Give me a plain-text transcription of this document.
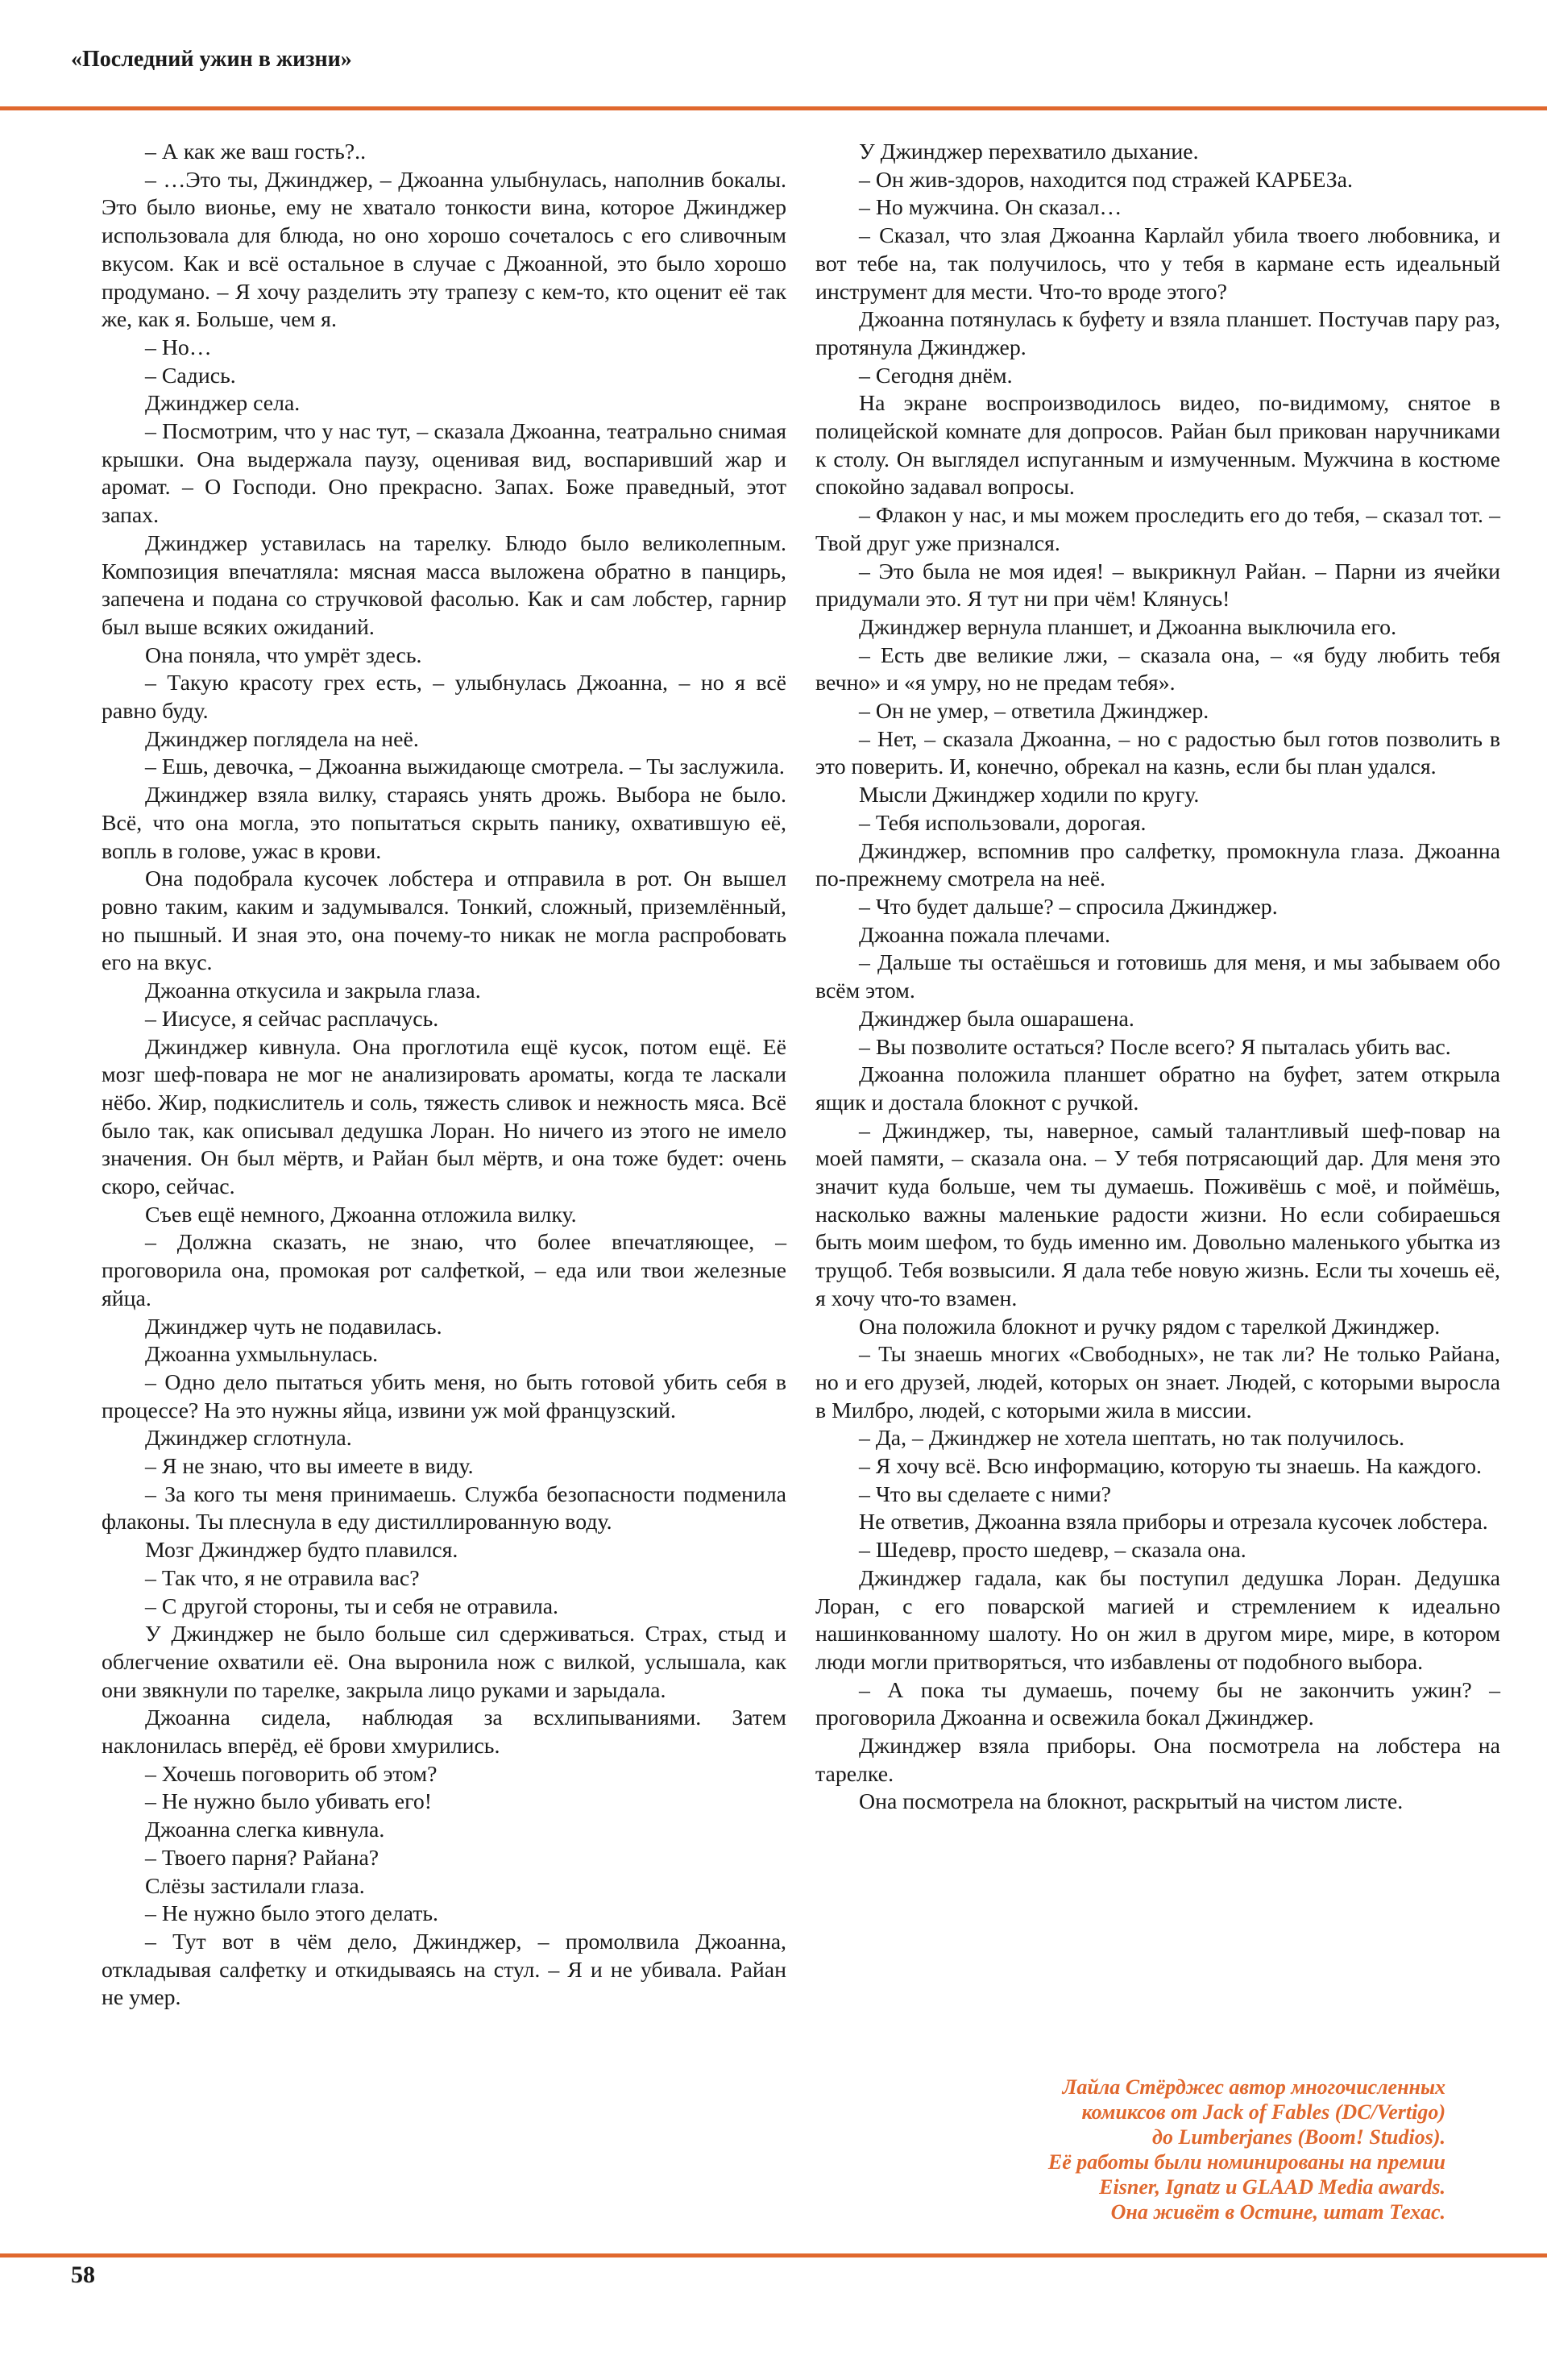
«Последний ужин в жизни»

– А как же ваш гость?..

– …Это ты, Джинджер, – Джоанна улыбнулась, наполнив бокалы. Это было вионье, ему не хватало тонкости вина, которое Джинджер использовала для блюда, но оно хорошо сочеталось с его сливочным вкусом. Как и всё остальное в случае с Джоанной, это было хорошо продумано. – Я хочу разделить эту трапезу с кем-то, кто оценит её так же, как я. Больше, чем я.

– Но…

– Садись.

Джинджер села.

– Посмотрим, что у нас тут, – сказала Джоанна, театрально снимая крышки. Она выдержала паузу, оценивая вид, воспаривший жар и аромат. – О Господи. Оно прекрасно. Запах. Боже праведный, этот запах.

Джинджер уставилась на тарелку. Блюдо было великолепным. Композиция впечатляла: мясная масса выложена обратно в панцирь, запечена и подана со стручковой фасолью. Как и сам лобстер, гарнир был выше всяких ожиданий.

Она поняла, что умрёт здесь.

– Такую красоту грех есть, – улыбнулась Джоанна, – но я всё равно буду.

Джинджер поглядела на неё.

– Ешь, девочка, – Джоанна выжидающе смотрела. – Ты заслужила.

Джинджер взяла вилку, стараясь унять дрожь. Выбора не было. Всё, что она могла, это попытаться скрыть панику, охватившую её, вопль в голове, ужас в крови.

Она подобрала кусочек лобстера и отправила в рот. Он вышел ровно таким, каким и задумывался. Тонкий, сложный, приземлённый, но пышный. И зная это, она почему-то никак не могла распробовать его на вкус.

Джоанна откусила и закрыла глаза.

– Иисусе, я сейчас расплачусь.

Джинджер кивнула. Она проглотила ещё кусок, потом ещё. Её мозг шеф-повара не мог не анализировать ароматы, когда те ласкали нёбо. Жир, подкислитель и соль, тяжесть сливок и нежность мяса. Всё было так, как описывал дедушка Лоран. Но ничего из этого не имело значения. Он был мёртв, и Райан был мёртв, и она тоже будет: очень скоро, сейчас.

Съев ещё немного, Джоанна отложила вилку.

– Должна сказать, не знаю, что более впечатляющее, – проговорила она, промокая рот салфеткой, – еда или твои железные яйца.

Джинджер чуть не подавилась.

Джоанна ухмыльнулась.

– Одно дело пытаться убить меня, но быть готовой убить себя в процессе? На это нужны яйца, извини уж мой французский.

Джинджер сглотнула.

– Я не знаю, что вы имеете в виду.

– За кого ты меня принимаешь. Служба безопасности подменила флаконы. Ты плеснула в еду дистиллированную воду.

Мозг Джинджер будто плавился.

– Так что, я не отравила вас?

– С другой стороны, ты и себя не отравила.

У Джинджер не было больше сил сдерживаться. Страх, стыд и облегчение охватили её. Она выронила нож с вилкой, услышала, как они звякнули по тарелке, закрыла лицо руками и зарыдала.

Джоанна сидела, наблюдая за всхлипываниями. Затем наклонилась вперёд, её брови хмурились.

– Хочешь поговорить об этом?

– Не нужно было убивать его!

Джоанна слегка кивнула.

– Твоего парня? Райана?

Слёзы застилали глаза.

– Не нужно было этого делать.

– Тут вот в чём дело, Джинджер, – промолвила Джоанна, откладывая салфетку и откидываясь на стул. – Я и не убивала. Райан не умер.

У Джинджер перехватило дыхание.

– Он жив-здоров, находится под стражей КАРБЕЗа.

– Но мужчина. Он сказал…

– Сказал, что злая Джоанна Карлайл убила твоего любовника, и вот тебе на, так получилось, что у тебя в кармане есть идеальный инструмент для мести. Что-то вроде этого?

Джоанна потянулась к буфету и взяла планшет. Постучав пару раз, протянула Джинджер.

– Сегодня днём.

На экране воспроизводилось видео, по-видимому, снятое в полицейской комнате для допросов. Райан был прикован наручниками к столу. Он выглядел испуганным и измученным. Мужчина в костюме спокойно задавал вопросы.

– Флакон у нас, и мы можем проследить его до тебя, – сказал тот. – Твой друг уже признался.

– Это была не моя идея! – выкрикнул Райан. – Парни из ячейки придумали это. Я тут ни при чём! Клянусь!

Джинджер вернула планшет, и Джоанна выключила его.

– Есть две великие лжи, – сказала она, – «я буду любить тебя вечно» и «я умру, но не предам тебя».

– Он не умер, – ответила Джинджер.

– Нет, – сказала Джоанна, – но с радостью был готов позволить в это поверить. И, конечно, обрекал на казнь, если бы план удался.

Мысли Джинджер ходили по кругу.

– Тебя использовали, дорогая.

Джинджер, вспомнив про салфетку, промокнула глаза. Джоанна по-прежнему смотрела на неё.

– Что будет дальше? – спросила Джинджер.

Джоанна пожала плечами.

– Дальше ты остаёшься и готовишь для меня, и мы забываем обо всём этом.

Джинджер была ошарашена.

– Вы позволите остаться? После всего? Я пыталась убить вас.

Джоанна положила планшет обратно на буфет, затем открыла ящик и достала блокнот с ручкой.

– Джинджер, ты, наверное, самый талантливый шеф-повар на моей памяти, – сказала она. – У тебя потрясающий дар. Для меня это значит куда больше, чем ты думаешь. Поживёшь с моё, и поймёшь, насколько важны маленькие радости жизни. Но если собираешься быть моим шефом, то будь именно им. Довольно маленького убытка из трущоб. Тебя возвысили. Я дала тебе новую жизнь. Если ты хочешь её, я хочу что-то взамен.

Она положила блокнот и ручку рядом с тарелкой Джинджер.

– Ты знаешь многих «Свободных», не так ли? Не только Райана, но и его друзей, людей, которых он знает. Людей, с которыми выросла в Милбро, людей, с которыми жила в миссии.

– Да, – Джинджер не хотела шептать, но так получилось.

– Я хочу всё. Всю информацию, которую ты знаешь. На каждого.

– Что вы сделаете с ними?

Не ответив, Джоанна взяла приборы и отрезала кусочек лобстера.

– Шедевр, просто шедевр, – сказала она.

Джинджер гадала, как бы поступил дедушка Лоран. Дедушка Лоран, с его поварской магией и стремлением к идеально нашинкованному шалоту. Но он жил в другом мире, мире, в котором люди могли притворяться, что избавлены от подобного выбора.

– А пока ты думаешь, почему бы не закончить ужин? – проговорила Джоанна и освежила бокал Джинджер.

Джинджер взяла приборы. Она посмотрела на лобстера на тарелке.

Она посмотрела на блокнот, раскрытый на чистом листе.

Лайла Стёрджес автор многочисленных

комиксов от Jack of Fables (DC/Vertigo)

до Lumberjanes (Boom! Studios).

Её работы были номинированы на премии

Eisner, Ignatz и GLAAD Media awards.

Она живёт в Остине, штат Техас.

58
